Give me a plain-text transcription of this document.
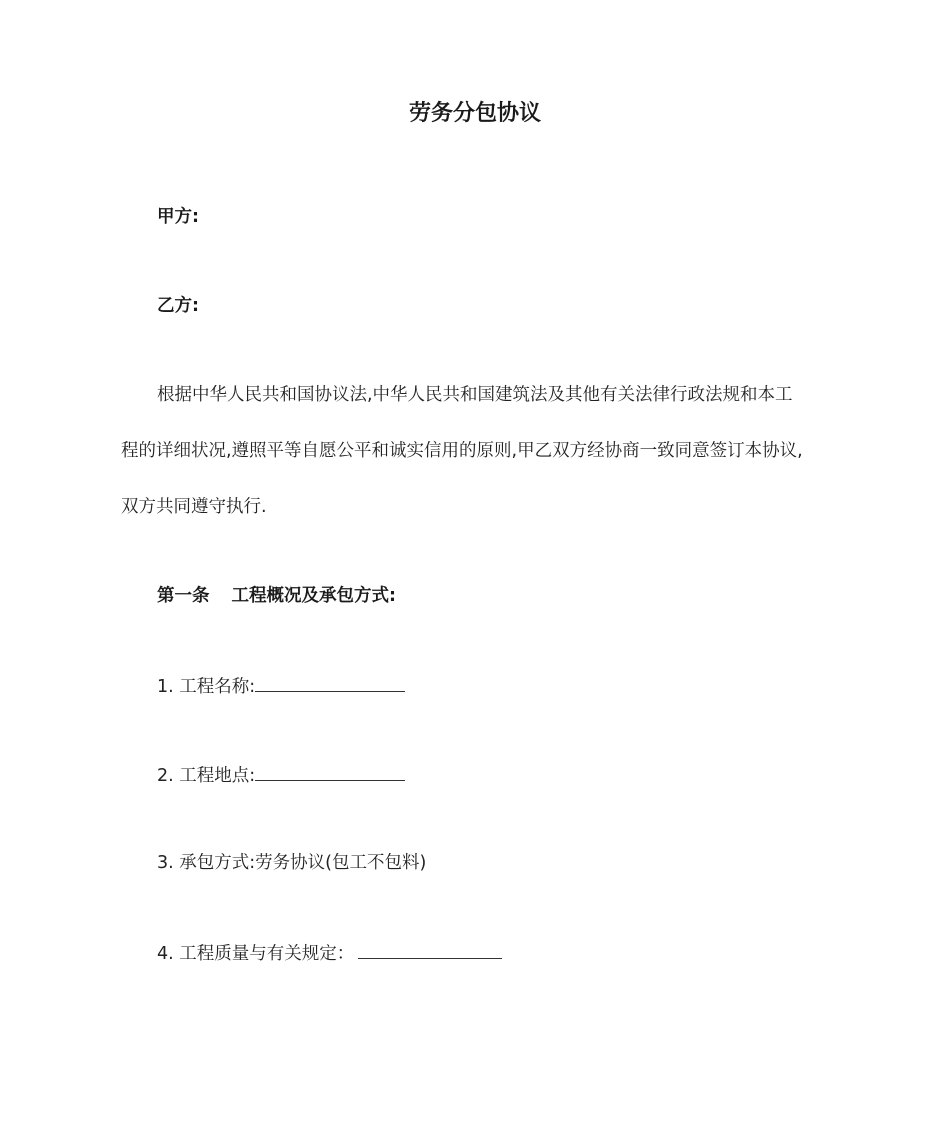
劳务分包协议
甲方:
乙方:
根据中华人民共和国协议法,中华人民共和国建筑法及其他有关法律行政法规和本工
程的详细状况,遵照平等自愿公平和诚实信用的原则,甲乙双方经协商一致同意签订本协议,
双方共同遵守执行.
第一条 工程概况及承包方式:
1. 工程名称:
2. 工程地点:
3. 承包方式:劳务协议(包工不包料)
4. 工程质量与有关规定：
